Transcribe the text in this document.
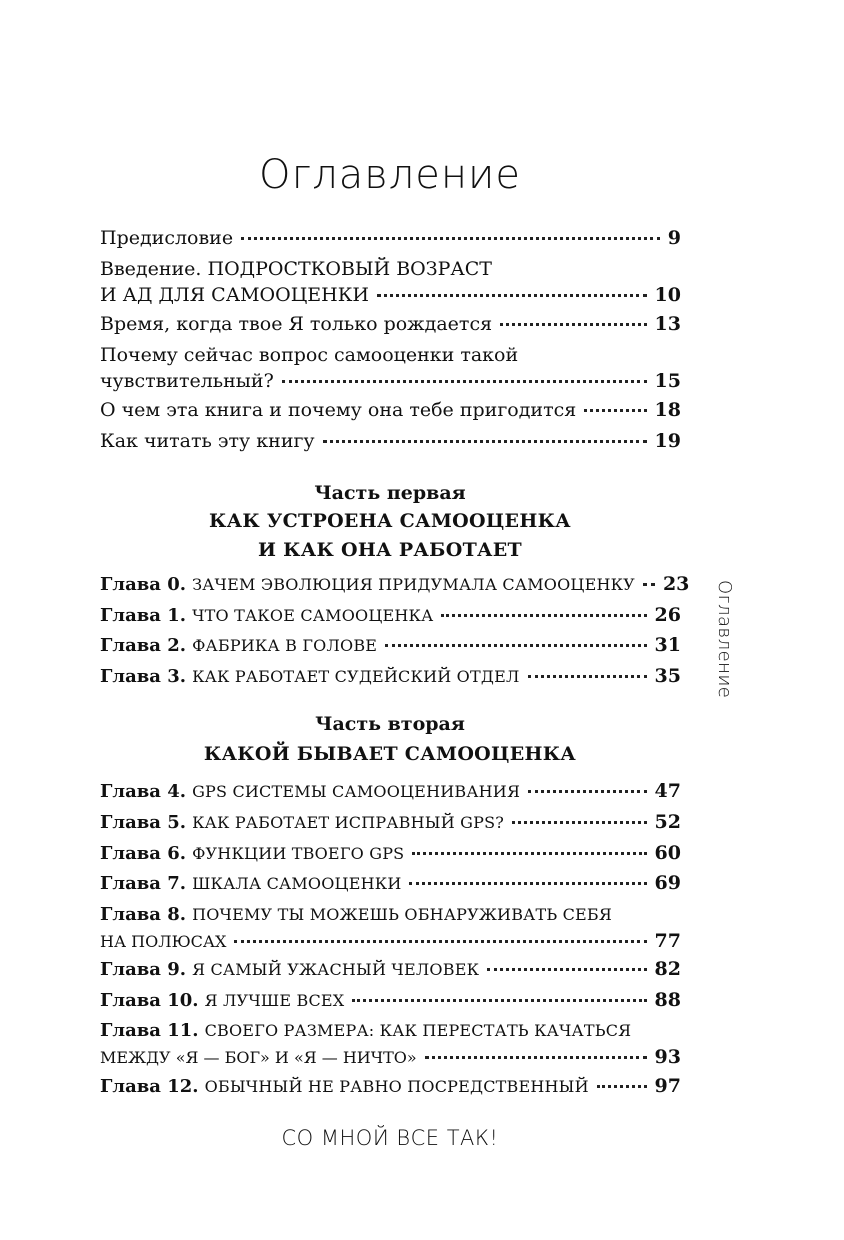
Оглавление
Предисловие	9
Введение. ПОДРОСТКОВЫЙ ВОЗРАСТ
И АД ДЛЯ САМООЦЕНКИ	10
Время, когда твое Я только рождается	13
Почему сейчас вопрос самооценки такой
чувствительный?	15
О чем эта книга и почему она тебе пригодится	18
Как читать эту книгу	19
Глава 0. ЗАЧЕМ ЭВОЛЮЦИЯ ПРИДУМАЛА САМООЦЕНКУ 23
Глава 1. ЧТО ТАКОЕ САМООЦЕНКА	26
Глава 2. ФАБРИКА В ГОЛОВЕ	31
Глава 3. КАК РАБОТАЕТ СУДЕЙСКИЙ ОТДЕЛ	35
Глава 4. GPS СИСТЕМЫ САМООЦЕНИВАНИЯ	47
Глава 5. КАК РАБОТАЕТ ИСПРАВНЫЙ GPS?	52
Глава 6. ФУНКЦИИ ТВОЕГО GPS	60
Глава 7. ШКАЛА САМООЦЕНКИ	69
Глава 8. ПОЧЕМУ ТЫ МОЖЕШЬ ОБНАРУЖИВАТЬ СЕБЯ
НА ПОЛЮСАХ	77
Глава 9. Я САМЫЙ УЖАСНЫЙ ЧЕЛОВЕК	82
Глава 10. Я ЛУЧШЕ ВСЕХ	88
Глава 11. СВОЕГО РАЗМЕРА: КАК ПЕРЕСТАТЬ КАЧАТЬСЯ
МЕЖДУ «Я — БОГ» И «Я — НИЧТО»	93
Глава 12. ОБЫЧНЫЙ НЕ РАВНО ПОСРЕДСТВЕННЫЙ	97
Часть первая
КАК УСТРОЕНА САМООЦЕНКА
И КАК ОНА РАБОТАЕТ
Часть вторая
КАКОЙ БЫВАЕТ САМООЦЕНКА
Оглавление
СО МНОЙ ВСЕ ТАК!
